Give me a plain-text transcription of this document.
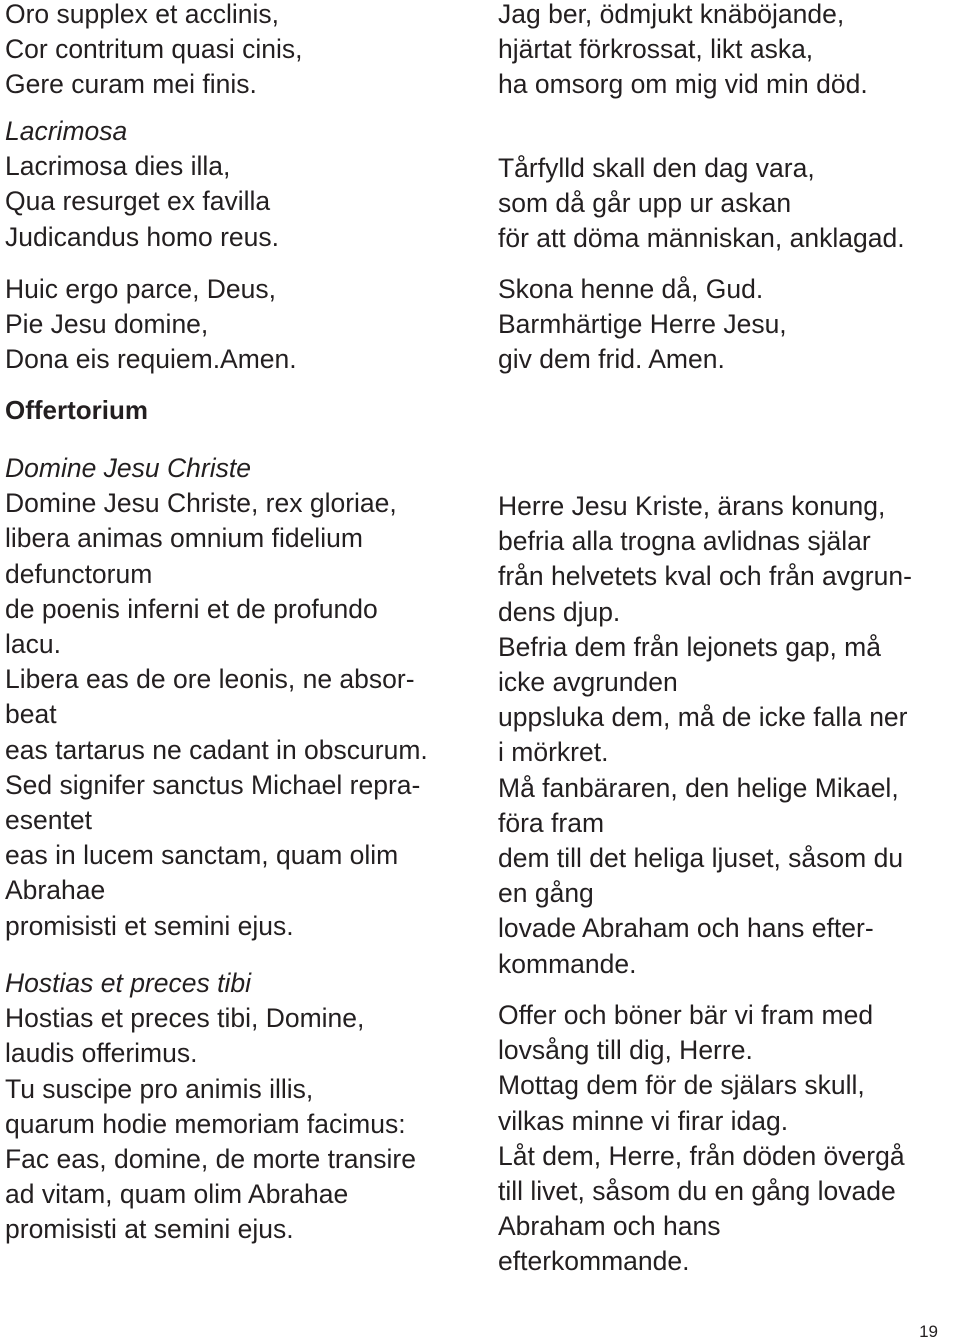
Oro supplex et acclinis,
Cor contritum quasi cinis,
Gere curam mei finis.
Lacrimosa
Lacrimosa dies illa,
Qua resurget ex favilla
Judicandus homo reus.
Huic ergo parce, Deus,
Pie Jesu domine,
Dona eis requiem.Amen.
Offertorium
Domine Jesu Christe
Domine Jesu Christe, rex gloriae,
libera animas omnium fidelium
defunctorum
de poenis inferni et de profundo
lacu.
Libera eas de ore leonis, ne absor-
beat
eas tartarus ne cadant in obscurum.
Sed signifer sanctus Michael repra-
esentet
eas in lucem sanctam, quam olim
Abrahae
promisisti et semini ejus.
Hostias et preces tibi
Hostias et preces tibi, Domine,
laudis offerimus.
Tu suscipe pro animis illis,
quarum hodie memoriam facimus:
Fac eas, domine, de morte transire
ad vitam, quam olim Abrahae
promisisti at semini ejus.
Jag ber, ödmjukt knäböjande,
hjärtat förkrossat, likt aska,
ha omsorg om mig vid min död.
Tårfylld skall den dag vara,
som då går upp ur askan
för att döma människan, anklagad.
Skona henne då, Gud.
Barmhärtige Herre Jesu,
giv dem frid. Amen.
Herre Jesu Kriste, ärans konung,
befria alla trogna avlidnas själar
från helvetets kval och från avgrun-
dens djup.
Befria dem från lejonets gap, må
icke avgrunden
uppsluka dem, må de icke falla ner
i mörkret.
Må fanbäraren, den helige Mikael,
föra fram
dem till det heliga ljuset, såsom du
en gång
lovade Abraham och hans efter-
kommande.
Offer och böner bär vi fram med
lovsång till dig, Herre.
Mottag dem för de själars skull,
vilkas minne vi firar idag.
Låt dem, Herre, från döden övergå
till livet, såsom du en gång lovade
Abraham och hans
efterkommande.
19
